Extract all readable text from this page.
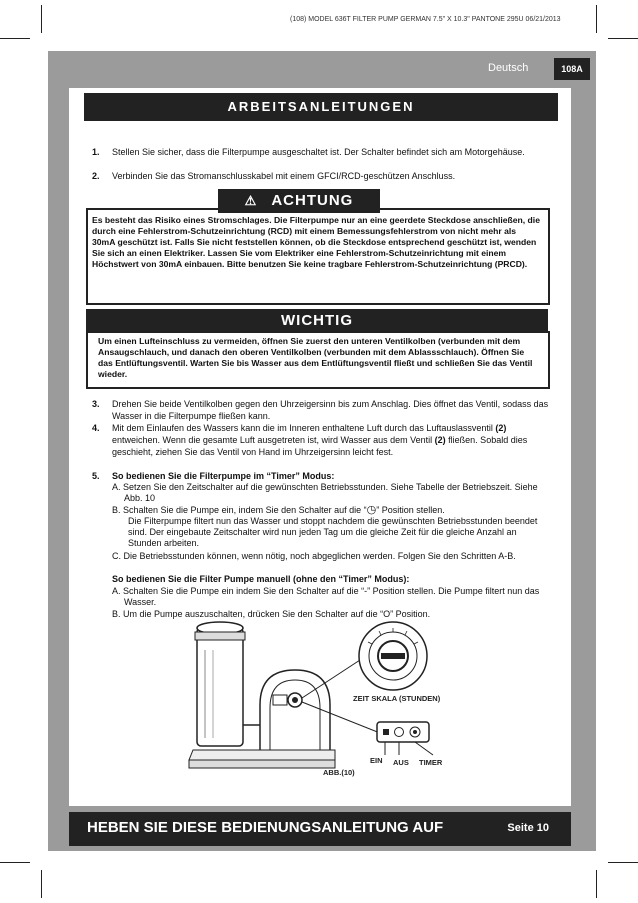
(108) MODEL 636T FILTER PUMP GERMAN 7.5" X 10.3" PANTONE 295U 06/21/2013
Deutsch	108A
ARBEITSANLEITUNGEN
1. Stellen Sie sicher, dass die Filterpumpe ausgeschaltet ist. Der Schalter befindet sich am Motorgehäuse.
2. Verbinden Sie das Stromanschlusskabel mit einem GFCI/RCD-geschützen Anschluss.
⚠ ACHTUNG
Es besteht das Risiko eines Stromschlages. Die Filterpumpe nur an eine geerdete Steckdose anschließen, die durch eine Fehlerstrom-Schutzeinrichtung (RCD) mit einem Bemessungsfehlerstrom von nicht mehr als 30mA geschützt ist. Falls Sie nicht feststellen können, ob die Steckdose entsprechend geschützt ist, wenden Sie sich an einen Elektriker. Lassen Sie vom Elektriker eine Fehlerstrom-Schutzeinrichtung mit einem Höchstwert von 30mA einbauen. Bitte benutzen Sie keine tragbare Fehlerstrom-Schutzeinrichtung (PRCD).
WICHTIG
Um einen Lufteinschluss zu vermeiden, öffnen Sie zuerst den unteren Ventilkolben (verbunden mit dem Ansaugschlauch, und danach den oberen Ventilkolben (verbunden mit dem Ablassschlauch). Öffnen Sie das Entlüftungsventil. Warten Sie bis Wasser aus dem Entlüftungsventil fließt und schließen Sie das Ventil wieder.
3. Drehen Sie beide Ventilkolben gegen den Uhrzeigersinn bis zum Anschlag. Dies öffnet das Ventil, sodass das Wasser in die Filterpumpe fließen kann.
4. Mit dem Einlaufen des Wassers kann die im Inneren enthaltene Luft durch das Luftauslassventil (2) entweichen. Wenn die gesamte Luft ausgetreten ist, wird Wasser aus dem Ventil (2) fließen. Sobald dies geschieht, ziehen Sie das Ventil von Hand im Uhrzeigersinn leicht fest.
5. So bedienen Sie die Filterpumpe im “Timer” Modus:
A. Setzen Sie den Zeitschalter auf die gewünschten Betriebsstunden. Siehe Tabelle der Betriebszeit. Siehe Abb. 10
B. Schalten Sie die Pumpe ein, indem Sie den Schalter auf die “◷” Position stellen.
Die Filterpumpe filtert nun das Wasser und stoppt nachdem die gewünschten Betriebsstunden beendet sind. Der eingebaute Zeitschalter wird nun jeden Tag um die gleiche Zeit für die gleiche Anzahl an Stunden arbeiten.
C. Die Betriebsstunden können, wenn nötig, noch abgeglichen werden. Folgen Sie den Schritten A-B.
So bedienen Sie die Filter Pumpe manuell (ohne den “Timer” Modus):
A. Schalten Sie die Pumpe ein indem Sie den Schalter auf die “-” Position stellen. Die Pumpe filtert nun das Wasser.
B. Um die Pumpe auszuschalten, drücken Sie den Schalter auf die “O” Position.
ZEIT SKALA (STUNDEN)
EIN AUS TIMER
ABB.(10)
HEBEN SIE DIESE BEDIENUNGSANLEITUNG AUF	Seite 10
